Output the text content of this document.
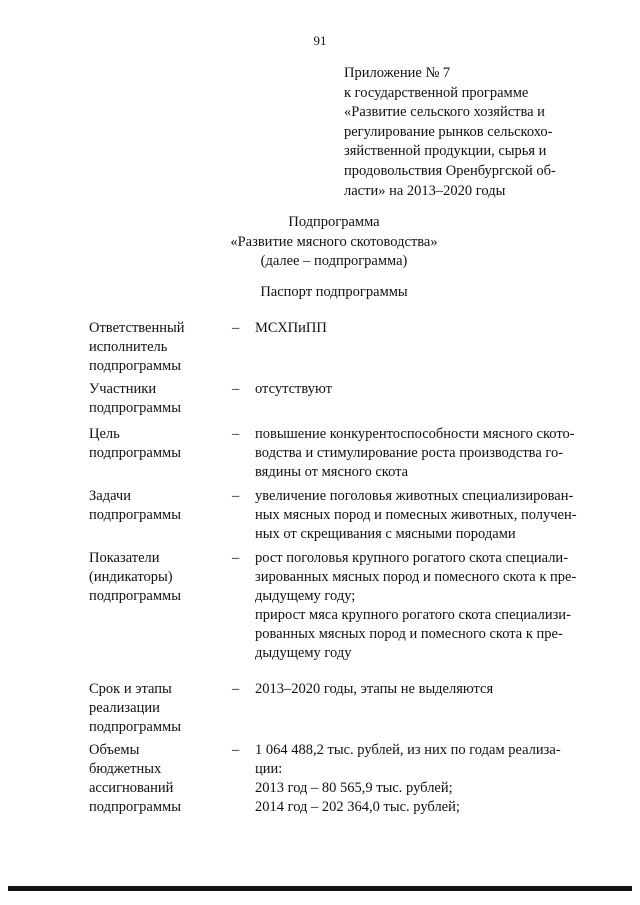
91
Приложение № 7
к государственной программе
«Развитие сельского хозяйства и
регулирование рынков сельскохо-
зяйственной продукции, сырья и
продовольствия Оренбургской об-
ласти» на 2013–2020 годы
Подпрограмма
«Развитие мясного скотоводства»
(далее – подпрограмма)
Паспорт подпрограммы
Ответственный
исполнитель
подпрограммы
– МСХПиПП
Участники
подпрограммы
– отсутствуют
Цель
подпрограммы
– повышение конкурентоспособности мясного ското-
водства и стимулирование роста производства го-
вядины от мясного скота
Задачи
подпрограммы
– увеличение поголовья животных специализирован-
ных мясных пород и помесных животных, получен-
ных от скрещивания с мясными породами
Показатели
(индикаторы)
подпрограммы
– рост поголовья крупного рогатого скота специали-
зированных мясных пород и помесного скота к пре-
дыдущему году;
прирост мяса крупного рогатого скота специализи-
рованных мясных пород и помесного скота к пре-
дыдущему году
Срок и этапы
реализации
подпрограммы
– 2013–2020 годы, этапы не выделяются
Объемы
бюджетных
ассигнований
подпрограммы
– 1 064 488,2 тыс. рублей, из них по годам реализа-
ции:
2013 год – 80 565,9 тыс. рублей;
2014 год – 202 364,0 тыс. рублей;
